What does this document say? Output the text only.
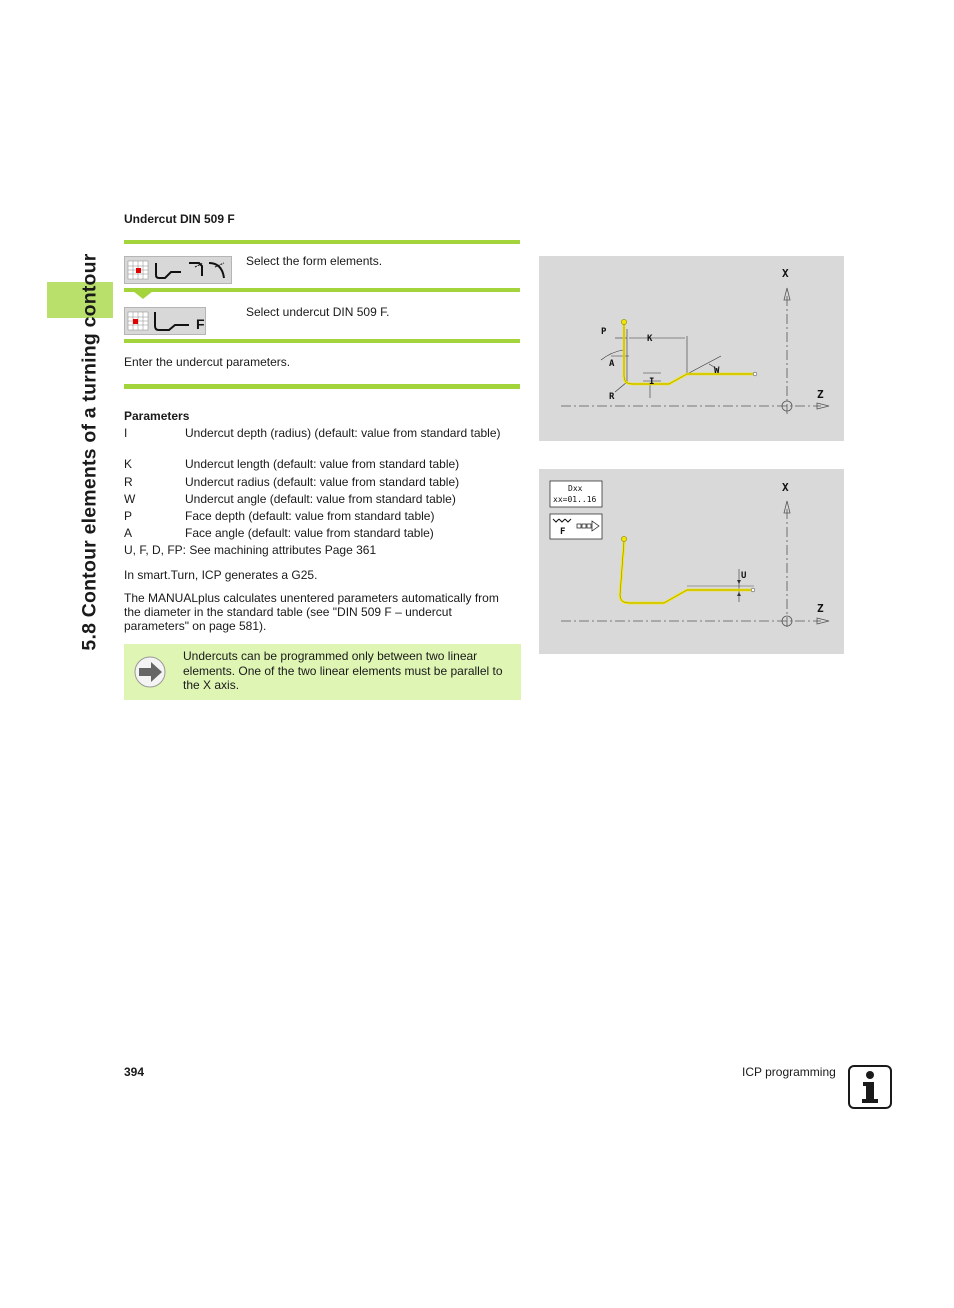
5.8 Contour elements of a turning contour
Undercut DIN 509 F
Select the form elements.
F
Select undercut DIN 509 F.
Enter the undercut parameters.
Parameters
I	Undercut depth (radius) (default: value from standard table)
K	Undercut length (default: value from standard table)
R	Undercut radius (default: value from standard table)
W	Undercut angle (default: value from standard table)
P	Face depth (default: value from standard table)
A	Face angle (default: value from standard table)
U, F, D, FP: See machining attributes Page 361
In smart.Turn, ICP generates a G25.
The MANUALplus calculates unentered parameters automatically from the diameter in the standard table (see "DIN 509 F – undercut parameters" on page 581).
Undercuts can be programmed only between two linear elements. One of the two linear elements must be parallel to the X axis.
X
Z
P
K
A
I
W
R
Dxx
xx=01..16
F
X
Z
U
394	ICP programming
